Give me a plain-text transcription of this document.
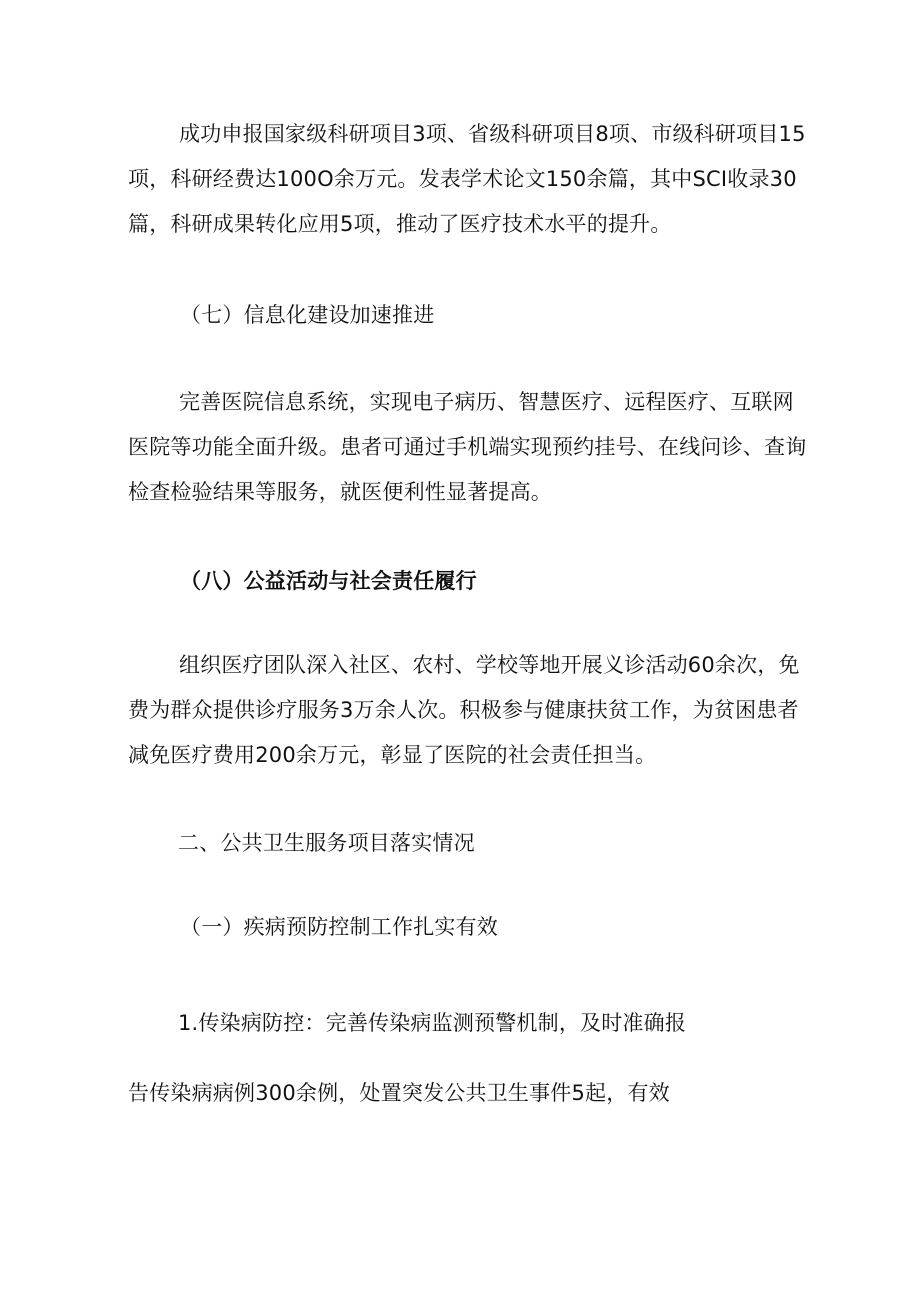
成功申报国家级科研项目3项、省级科研项目8项、市级科研项目15项，科研经费达100O余万元。发表学术论文150余篇，其中SCI收录30篇，科研成果转化应用5项，推动了医疗技术水平的提升。

（七）信息化建设加速推进

完善医院信息系统，实现电子病历、智慧医疗、远程医疗、互联网医院等功能全面升级。患者可通过手机端实现预约挂号、在线问诊、查询检查检验结果等服务，就医便利性显著提高。

（八）公益活动与社会责任履行

组织医疗团队深入社区、农村、学校等地开展义诊活动60余次，免费为群众提供诊疗服务3万余人次。积极参与健康扶贫工作，为贫困患者减免医疗费用200余万元，彰显了医院的社会责任担当。

二、公共卫生服务项目落实情况

（一）疾病预防控制工作扎实有效

1.传染病防控：完善传染病监测预警机制，及时准确报

告传染病病例300余例，处置突发公共卫生事件5起，有效
